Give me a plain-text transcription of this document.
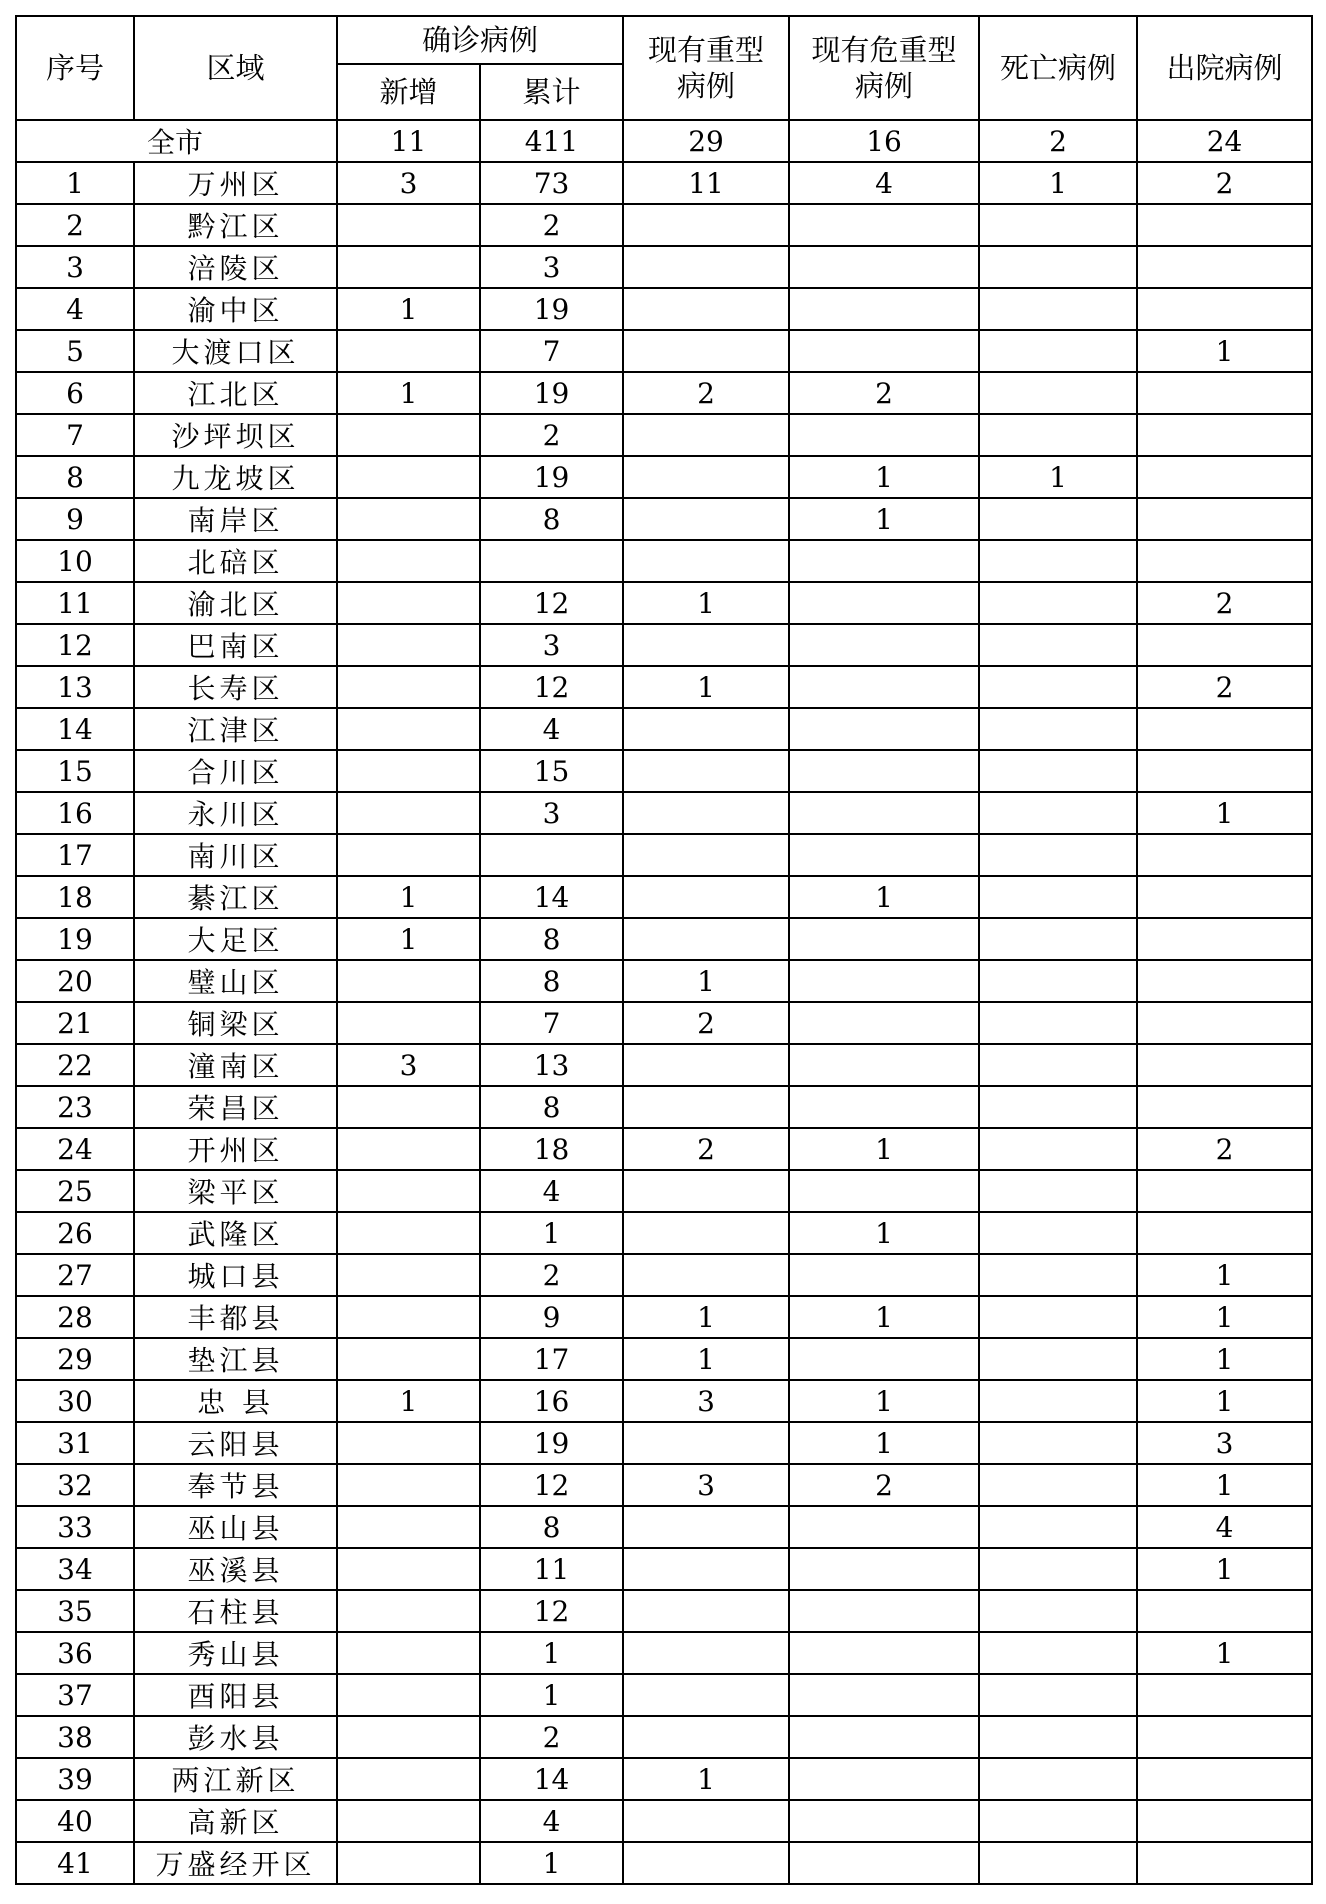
序号	区域	确诊病例		现有重型病例	现有危重型病例	死亡病例	出院病例
		新增	累计				
全市		11	411	29	16	2	24
1	万州区	3	73	11	4	1	2
2	黔江区		2				
3	涪陵区		3				
4	渝中区	1	19				
5	大渡口区		7				1
6	江北区	1	19	2	2		
7	沙坪坝区		2				
8	九龙坡区		19		1	1	
9	南岸区		8		1		
10	北碚区						
11	渝北区		12	1			2
12	巴南区		3				
13	长寿区		12	1			2
14	江津区		4				
15	合川区		15				
16	永川区		3				1
17	南川区						
18	綦江区	1	14		1		
19	大足区	1	8				
20	璧山区		8	1			
21	铜梁区		7	2			
22	潼南区	3	13				
23	荣昌区		8				
24	开州区		18	2	1		2
25	梁平区		4				
26	武隆区		1		1		
27	城口县		2				1
28	丰都县		9	1	1		1
29	垫江县		17	1			1
30	忠 县	1	16	3	1		1
31	云阳县		19		1		3
32	奉节县		12	3	2		1
33	巫山县		8				4
34	巫溪县		11				1
35	石柱县		12				
36	秀山县		1				1
37	酉阳县		1				
38	彭水县		2				
39	两江新区		14	1			
40	高新区		4				
41	万盛经开区		1				
